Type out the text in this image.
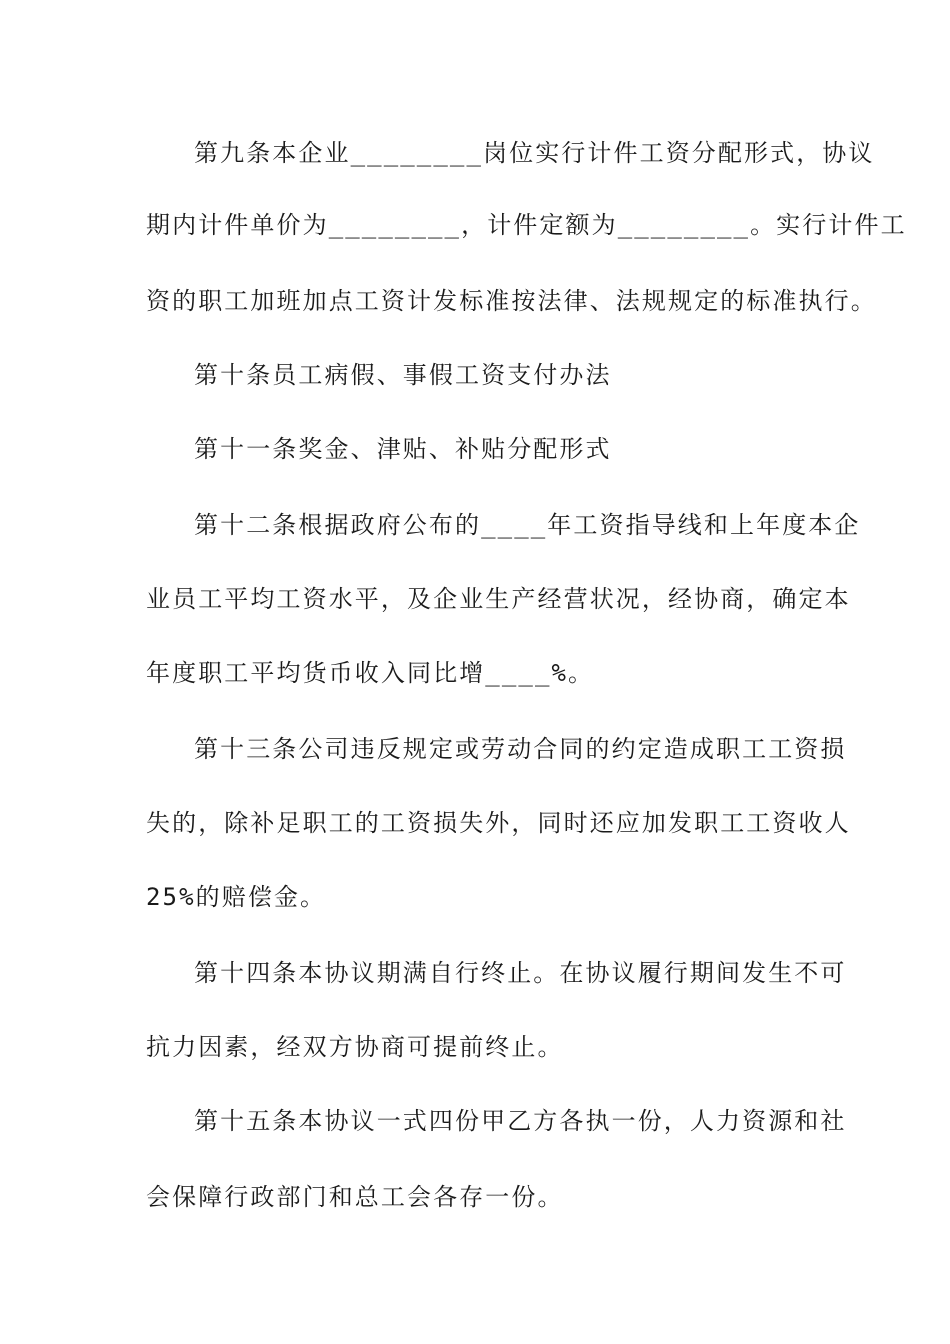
第九条本企业________岗位实行计件工资分配形式，协议
期内计件单价为________，计件定额为________。实行计件工
资的职工加班加点工资计发标准按法律、法规规定的标准执行。
第十条员工病假、事假工资支付办法
第十一条奖金、津贴、补贴分配形式
第十二条根据政府公布的____年工资指导线和上年度本企
业员工平均工资水平，及企业生产经营状况，经协商，确定本
年度职工平均货币收入同比增____%。
第十三条公司违反规定或劳动合同的约定造成职工工资损
失的，除补足职工的工资损失外，同时还应加发职工工资收人
25%的赔偿金。
第十四条本协议期满自行终止。在协议履行期间发生不可
抗力因素，经双方协商可提前终止。
第十五条本协议一式四份甲乙方各执一份，人力资源和社
会保障行政部门和总工会各存一份。
